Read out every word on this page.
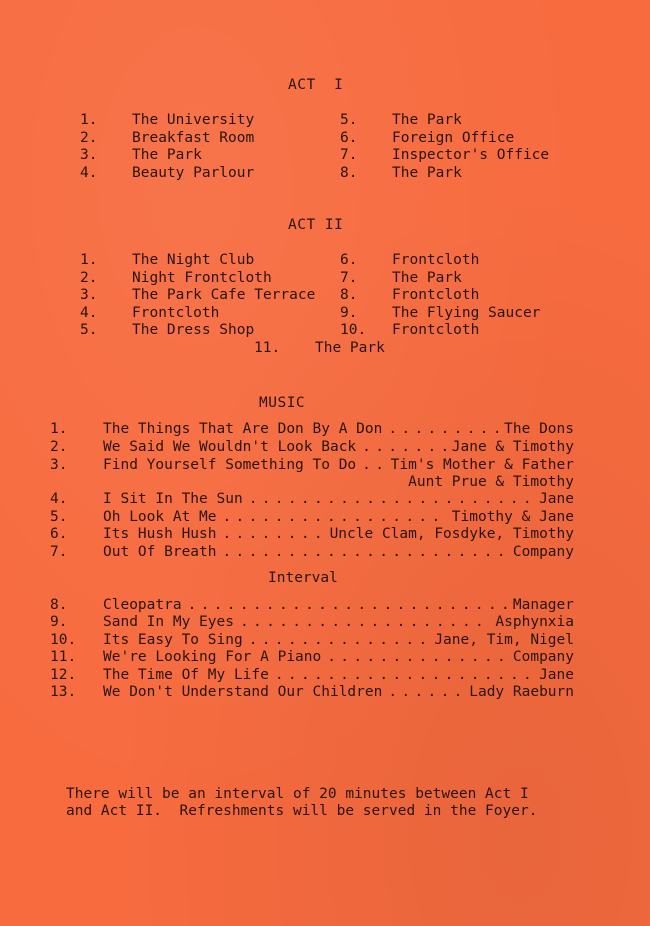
ACT  I
1. The University	5. The Park
2. Breakfast Room	6. Foreign Office
3. The Park	7. Inspector's Office
4. Beauty Parlour	8. The Park
ACT II
1. The Night Club	6. Frontcloth
2. Night Frontcloth	7. The Park
3. The Park Cafe Terrace 8. Frontcloth
4. Frontcloth	9. The Flying Saucer
5. The Dress Shop	10. Frontcloth
11. The Park
MUSIC
1. The Things That Are Don By A Don . . .	The Dons
2. We Said We Wouldn't Look Back . . .	Jane & Timothy
3. Find Yourself Something To Do . . . Tim's Mother & Father
Aunt Prue & Timothy
4. I Sit In The Sun . . .	Jane
5. Oh Look At Me . . .	Timothy & Jane
6. Its Hush Hush . . .	Uncle Clam, Fosdyke, Timothy
7. Out Of Breath . . .	Company
Interval
8. Cleopatra . . .	Manager
9. Sand In My Eyes . . .	Asphynxia
10. Its Easy To Sing . . .	Jane, Tim, Nigel
11. We're Looking For A Piano . . .	Company
12. The Time Of My Life . . .	Jane
13. We Don't Understand Our Children . . .	Lady Raeburn
There will be an interval of 20 minutes between Act I
and Act II.  Refreshments will be served in the Foyer.
